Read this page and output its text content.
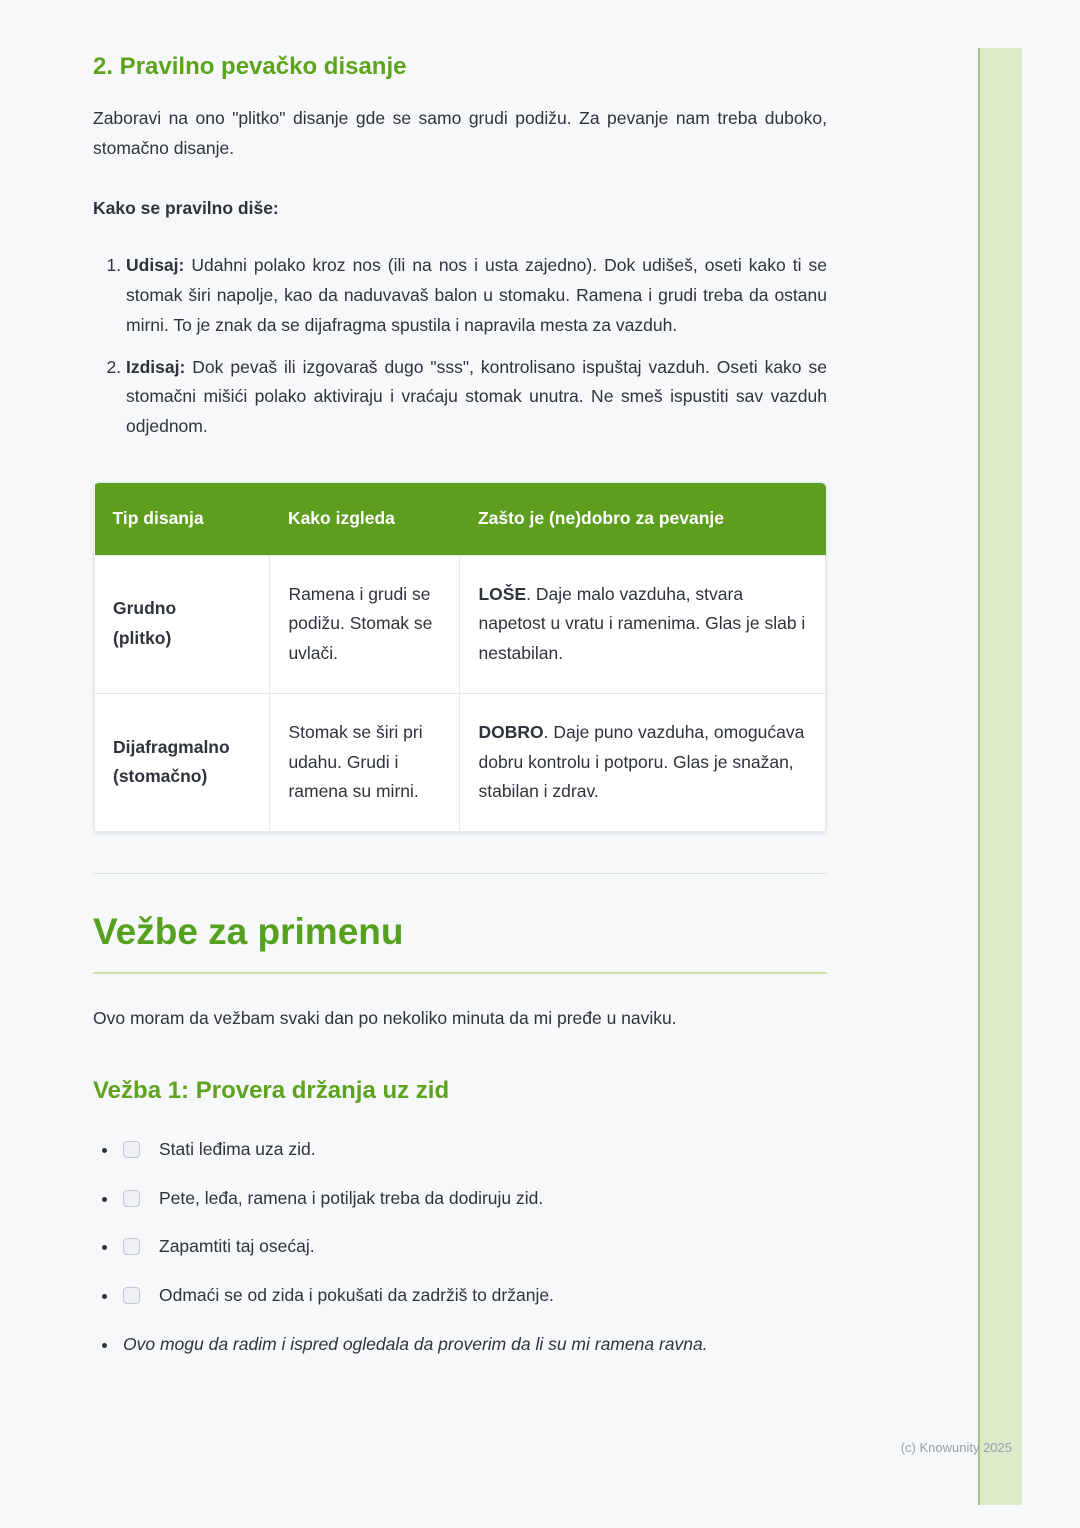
2. Pravilno pevačko disanje

Zaboravi na ono "plitko" disanje gde se samo grudi podižu. Za pevanje nam treba duboko, stomačno disanje.

Kako se pravilno diše:

1. Udisaj: Udahni polako kroz nos (ili na nos i usta zajedno). Dok udišeš, oseti kako ti se stomak širi napolje, kao da naduvavaš balon u stomaku. Ramena i grudi treba da ostanu mirni. To je znak da se dijafragma spustila i napravila mesta za vazduh.
2. Izdisaj: Dok pevaš ili izgovaraš dugo "sss", kontrolisano ispuštaj vazduh. Oseti kako se stomačni mišići polako aktiviraju i vraćaju stomak unutra. Ne smeš ispustiti sav vazduh odjednom.
Tip disanja	Kako izgleda	Zašto je (ne)dobro za pevanje

Grudno
(plitko)	Ramena i grudi se podižu. Stomak se uvlači.	LOŠE. Daje malo vazduha, stvara napetost u vratu i ramenima. Glas je slab i nestabilan.

Dijafragmalno
(stomačno)	Stomak se širi pri udahu. Grudi i ramena su mirni.	DOBRO. Daje puno vazduha, omogućava dobru kontrolu i potporu. Glas je snažan, stabilan i zdrav.
Vežbe za primenu

Ovo moram da vežbam svaki dan po nekoliko minuta da mi pređe u naviku.

Vežba 1: Provera držanja uz zid
• Stati leđima uza zid.
• Pete, leđa, ramena i potiljak treba da dodiruju zid.
• Zapamtiti taj osećaj.
• Odmaći se od zida i pokušati da zadržiš to držanje.
• Ovo mogu da radim i ispred ogledala da proverim da li su mi ramena ravna.
(c) Knowunity 2025
